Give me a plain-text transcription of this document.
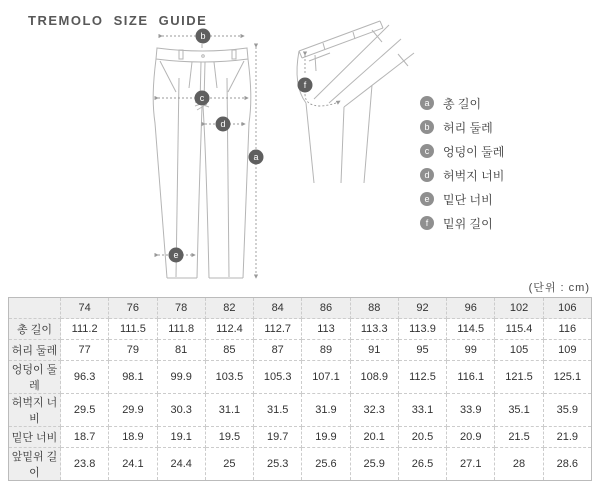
TREMOLO SIZE GUIDE
b
c
d
e
a
f
a	총 길이
b	허리 둘레
c	엉덩이 둘레
d	허벅지 너비
e	밑단 너비
f	밑위 길이
(단위 : cm)
	74	76	78	82	84	86	88	92	96	102	106
총 길이	111.2	111.5	111.8	112.4	112.7	113	113.3	113.9	114.5	115.4	116
허리 둘레	77	79	81	85	87	89	91	95	99	105	109
엉덩이 둘레	96.3	98.1	99.9	103.5	105.3	107.1	108.9	112.5	116.1	121.5	125.1
허벅지 너비	29.5	29.9	30.3	31.1	31.5	31.9	32.3	33.1	33.9	35.1	35.9
밑단 너비	18.7	18.9	19.1	19.5	19.7	19.9	20.1	20.5	20.9	21.5	21.9
앞밑위 길이	23.8	24.1	24.4	25	25.3	25.6	25.9	26.5	27.1	28	28.6
